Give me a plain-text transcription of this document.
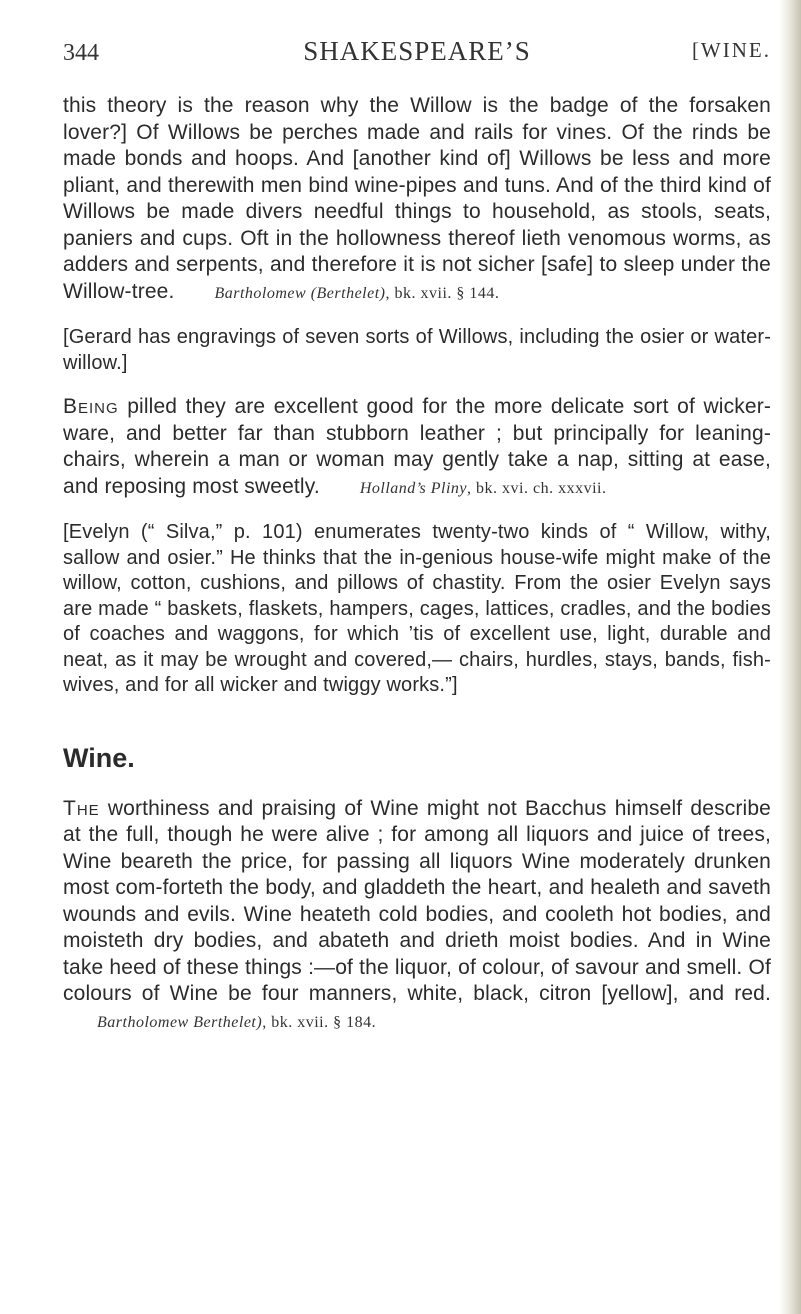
344	SHAKESPEARE’S	[WINE.

this theory is the reason why the Willow is the badge of the forsaken lover?] Of Willows be perches made and rails for vines. Of the rinds be made bonds and hoops. And [another kind of] Willows be less and more pliant, and therewith men bind wine-pipes and tuns. And of the third kind of Willows be made divers needful things to household, as stools, seats, paniers and cups. Oft in the hollowness thereof lieth venomous worms, as adders and serpents, and therefore it is not sicher [safe] to sleep under the Willow-tree.	Bartholomew (Berthelet), bk. xvii. § 144.

[Gerard has engravings of seven sorts of Willows, including the osier or water-willow.]

Being pilled they are excellent good for the more delicate sort of wicker-ware, and better far than stubborn leather ; but principally for leaning-chairs, wherein a man or woman may gently take a nap, sitting at ease, and reposing most sweetly.	Holland’s Pliny, bk. xvi. ch. xxxvii.

[Evelyn (“ Silva,” p. 101) enumerates twenty-two kinds of “ Willow, withy, sallow and osier.” He thinks that the in-genious house-wife might make of the willow, cotton, cushions, and pillows of chastity. From the osier Evelyn says are made “ baskets, flaskets, hampers, cages, lattices, cradles, and the bodies of coaches and waggons, for which ’tis of excellent use, light, durable and neat, as it may be wrought and covered,— chairs, hurdles, stays, bands, fish-wives, and for all wicker and twiggy works.”]

Wine.

The worthiness and praising of Wine might not Bacchus himself describe at the full, though he were alive ; for among all liquors and juice of trees, Wine beareth the price, for passing all liquors Wine moderately drunken most com-forteth the body, and gladdeth the heart, and healeth and saveth wounds and evils. Wine heateth cold bodies, and cooleth hot bodies, and moisteth dry bodies, and abateth and drieth moist bodies. And in Wine take heed of these things :—of the liquor, of colour, of savour and smell. Of colours of Wine be four manners, white, black, citron [yellow], and red. Bartholomew Berthelet), bk. xvii. § 184.
